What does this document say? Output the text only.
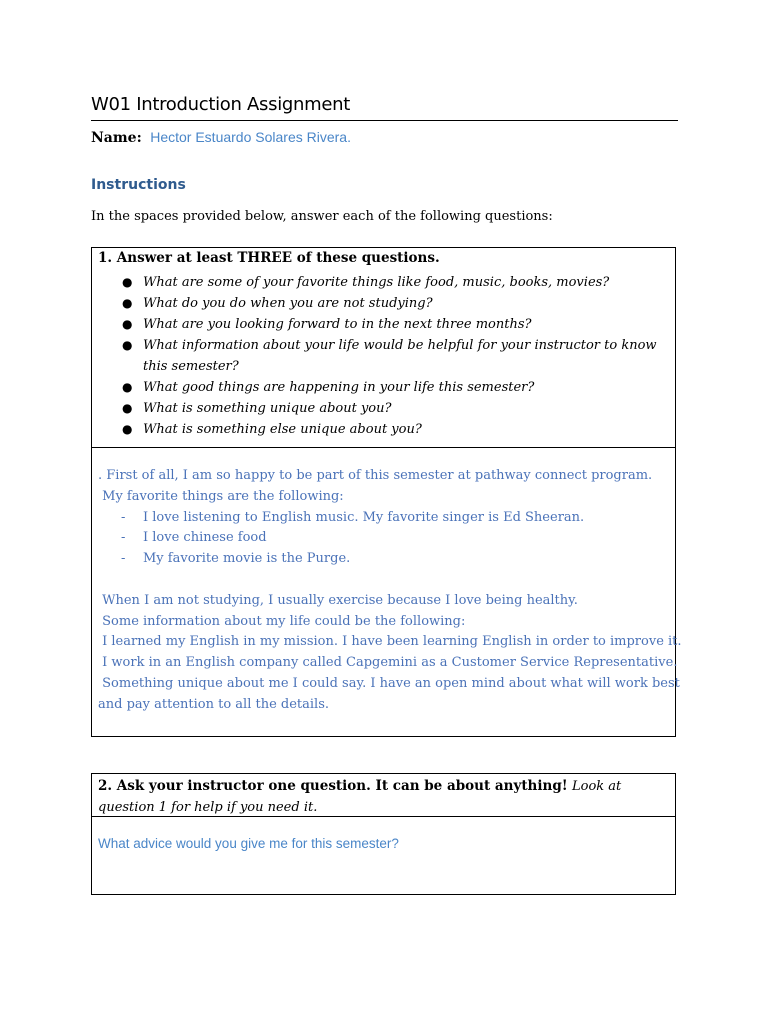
W01 Introduction Assignment
Name: Hector Estuardo Solares Rivera.
Instructions
In the spaces provided below, answer each of the following questions:
1. Answer at least THREE of these questions.
● What are some of your favorite things like food, music, books, movies?
● What do you do when you are not studying?
● What are you looking forward to in the next three months?
● What information about your life would be helpful for your instructor to know this semester?
● What good things are happening in your life this semester?
● What is something unique about you?
● What is something else unique about you?
. First of all, I am so happy to be part of this semester at pathway connect program.
My favorite things are the following:
- I love listening to English music. My favorite singer is Ed Sheeran.
- I love chinese food
- My favorite movie is the Purge.

When I am not studying, I usually exercise because I love being healthy.
Some information about my life could be the following:
I learned my English in my mission. I have been learning English in order to improve it.
I work in an English company called Capgemini as a Customer Service Representative.
Something unique about me I could say. I have an open mind about what will work best
and pay attention to all the details.
2. Ask your instructor one question. It can be about anything! Look at question 1 for help if you need it.
What advice would you give me for this semester?
